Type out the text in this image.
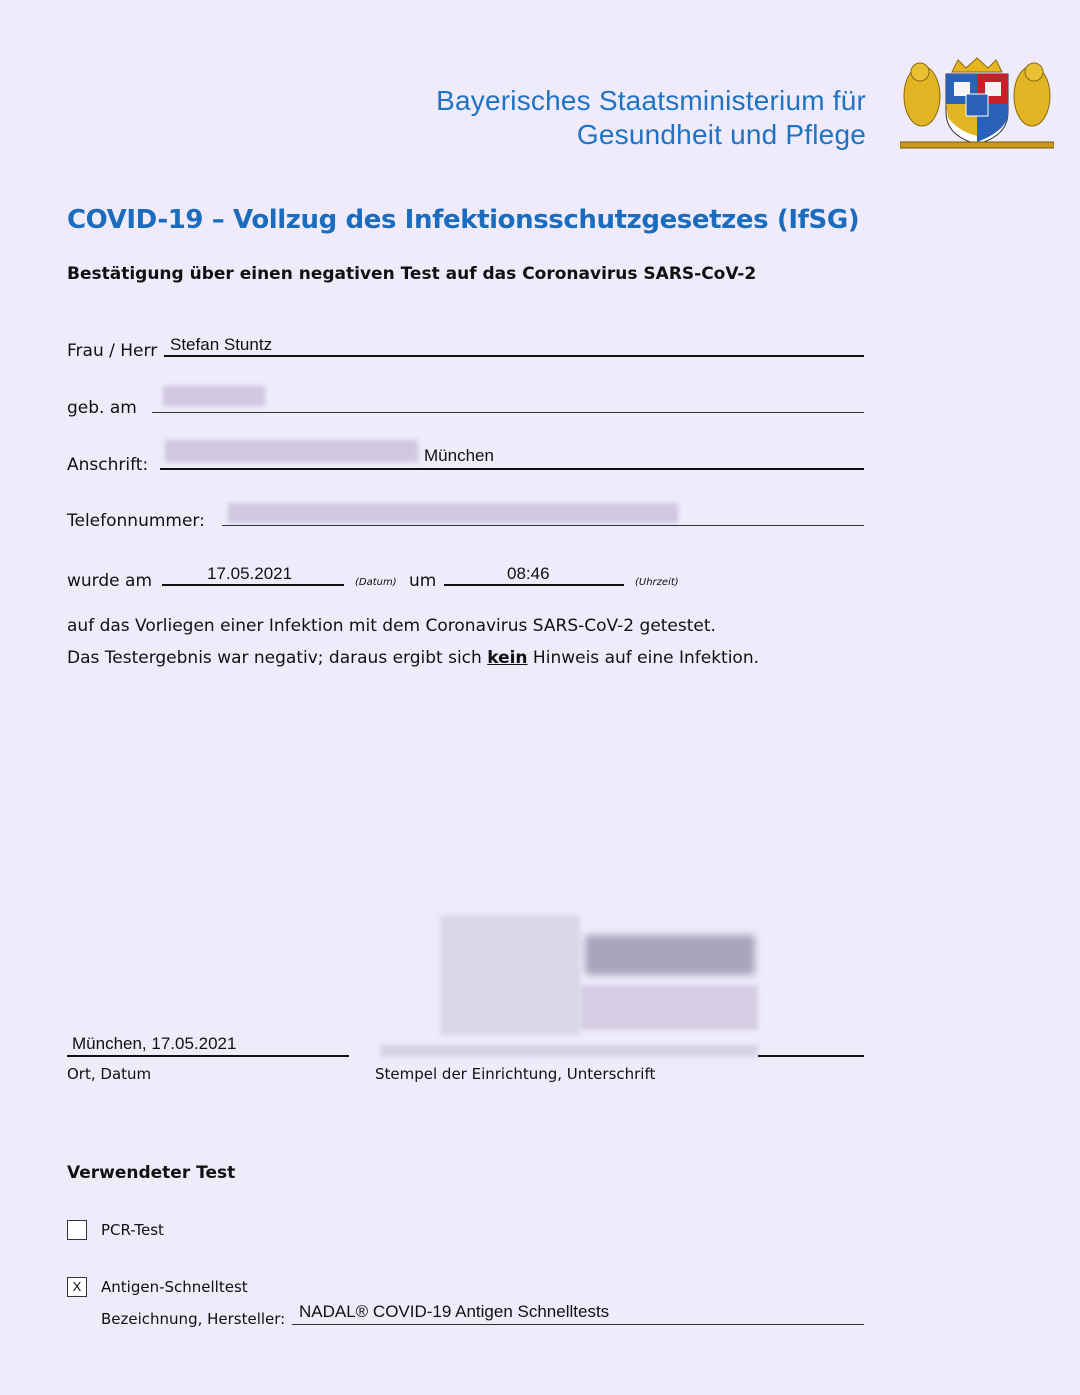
Bayerisches Staatsministerium für
Gesundheit und Pflege
COVID-19 – Vollzug des Infektionsschutzgesetzes (IfSG)
Bestätigung über einen negativen Test auf das Coronavirus SARS-CoV-2
Frau / Herr Stefan Stuntz
geb. am
Anschrift:	München
Telefonnummer:
wurde am	17.05.2021	(Datum) um	08:46	(Uhrzeit)
auf das Vorliegen einer Infektion mit dem Coronavirus SARS-CoV-2 getestet.
Das Testergebnis war negativ; daraus ergibt sich kein Hinweis auf eine Infektion.
München, 17.05.2021
Ort, Datum	Stempel der Einrichtung, Unterschrift
Verwendeter Test
PCR-Test
X	Antigen-Schnelltest
Bezeichnung, Hersteller: NADAL® COVID-19 Antigen Schnelltests
